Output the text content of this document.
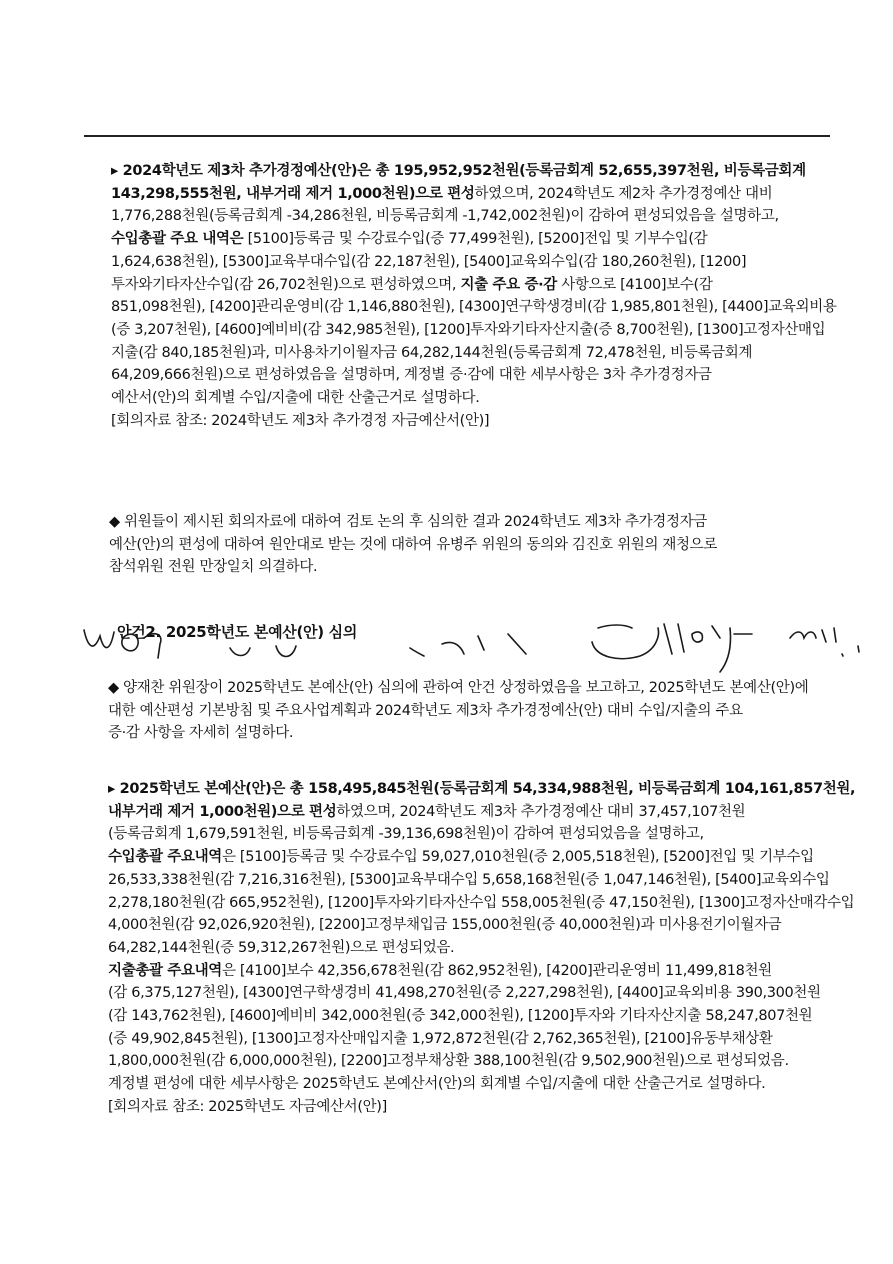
▸ 2024학년도 제3차 추가경정예산(안)은 총 195,952,952천원(등록금회계 52,655,397천원, 비등록금회계

143,298,555천원, 내부거래 제거 1,000천원)으로 편성하였으며, 2024학년도 제2차 추가경정예산 대비

1,776,288천원(등록금회계 -34,286천원, 비등록금회계 -1,742,002천원)이 감하여 편성되었음을 설명하고,

수입총괄 주요 내역은 [5100]등록금 및 수강료수입(증 77,499천원), [5200]전입 및 기부수입(감

1,624,638천원), [5300]교육부대수입(감 22,187천원), [5400]교육외수입(감 180,260천원), [1200]

투자와기타자산수입(감 26,702천원)으로 편성하였으며, 지출 주요 증·감 사항으로 [4100]보수(감

851,098천원), [4200]관리운영비(감 1,146,880천원), [4300]연구학생경비(감 1,985,801천원), [4400]교육외비용

(증 3,207천원), [4600]예비비(감 342,985천원), [1200]투자와기타자산지출(증 8,700천원), [1300]고정자산매입

지출(감 840,185천원)과, 미사용차기이월자금 64,282,144천원(등록금회계 72,478천원, 비등록금회계

64,209,666천원)으로 편성하였음을 설명하며, 계정별 증·감에 대한 세부사항은 3차 추가경정자금

예산서(안)의 회계별 수입/지출에 대한 산출근거로 설명하다.

[회의자료 참조: 2024학년도 제3차 추가경정 자금예산서(안)]

◆ 위원들이 제시된 회의자료에 대하여 검토 논의 후 심의한 결과 2024학년도 제3차 추가경정자금

예산(안)의 편성에 대하여 원안대로 받는 것에 대하여 유병주 위원의 동의와 김진호 위원의 재청으로

참석위원 전원 만장일치 의결하다.

안건2. 2025학년도 본예산(안) 심의

◆ 양재찬 위원장이 2025학년도 본예산(안) 심의에 관하여 안건 상정하였음을 보고하고, 2025학년도 본예산(안)에

대한 예산편성 기본방침 및 주요사업계획과 2024학년도 제3차 추가경정예산(안) 대비 수입/지출의 주요

증·감 사항을 자세히 설명하다.

▸ 2025학년도 본예산(안)은 총 158,495,845천원(등록금회계 54,334,988천원, 비등록금회계 104,161,857천원,

내부거래 제거 1,000천원)으로 편성하였으며, 2024학년도 제3차 추가경정예산 대비 37,457,107천원

(등록금회계 1,679,591천원, 비등록금회계 -39,136,698천원)이 감하여 편성되었음을 설명하고,

수입총괄 주요내역은 [5100]등록금 및 수강료수입 59,027,010천원(증 2,005,518천원), [5200]전입 및 기부수입

26,533,338천원(감 7,216,316천원), [5300]교육부대수입 5,658,168천원(증 1,047,146천원), [5400]교육외수입

2,278,180천원(감 665,952천원), [1200]투자와기타자산수입 558,005천원(증 47,150천원), [1300]고정자산매각수입

4,000천원(감 92,026,920천원), [2200]고정부채입금 155,000천원(증 40,000천원)과 미사용전기이월자금

64,282,144천원(증 59,312,267천원)으로 편성되었음.

지출총괄 주요내역은 [4100]보수 42,356,678천원(감 862,952천원), [4200]관리운영비 11,499,818천원

(감 6,375,127천원), [4300]연구학생경비 41,498,270천원(증 2,227,298천원), [4400]교육외비용 390,300천원

(감 143,762천원), [4600]예비비 342,000천원(증 342,000천원), [1200]투자와 기타자산지출 58,247,807천원

(증 49,902,845천원), [1300]고정자산매입지출 1,972,872천원(감 2,762,365천원), [2100]유동부채상환

1,800,000천원(감 6,000,000천원), [2200]고정부채상환 388,100천원(감 9,502,900천원)으로 편성되었음.

계정별 편성에 대한 세부사항은 2025학년도 본예산서(안)의 회계별 수입/지출에 대한 산출근거로 설명하다.

[회의자료 참조: 2025학년도 자금예산서(안)]
